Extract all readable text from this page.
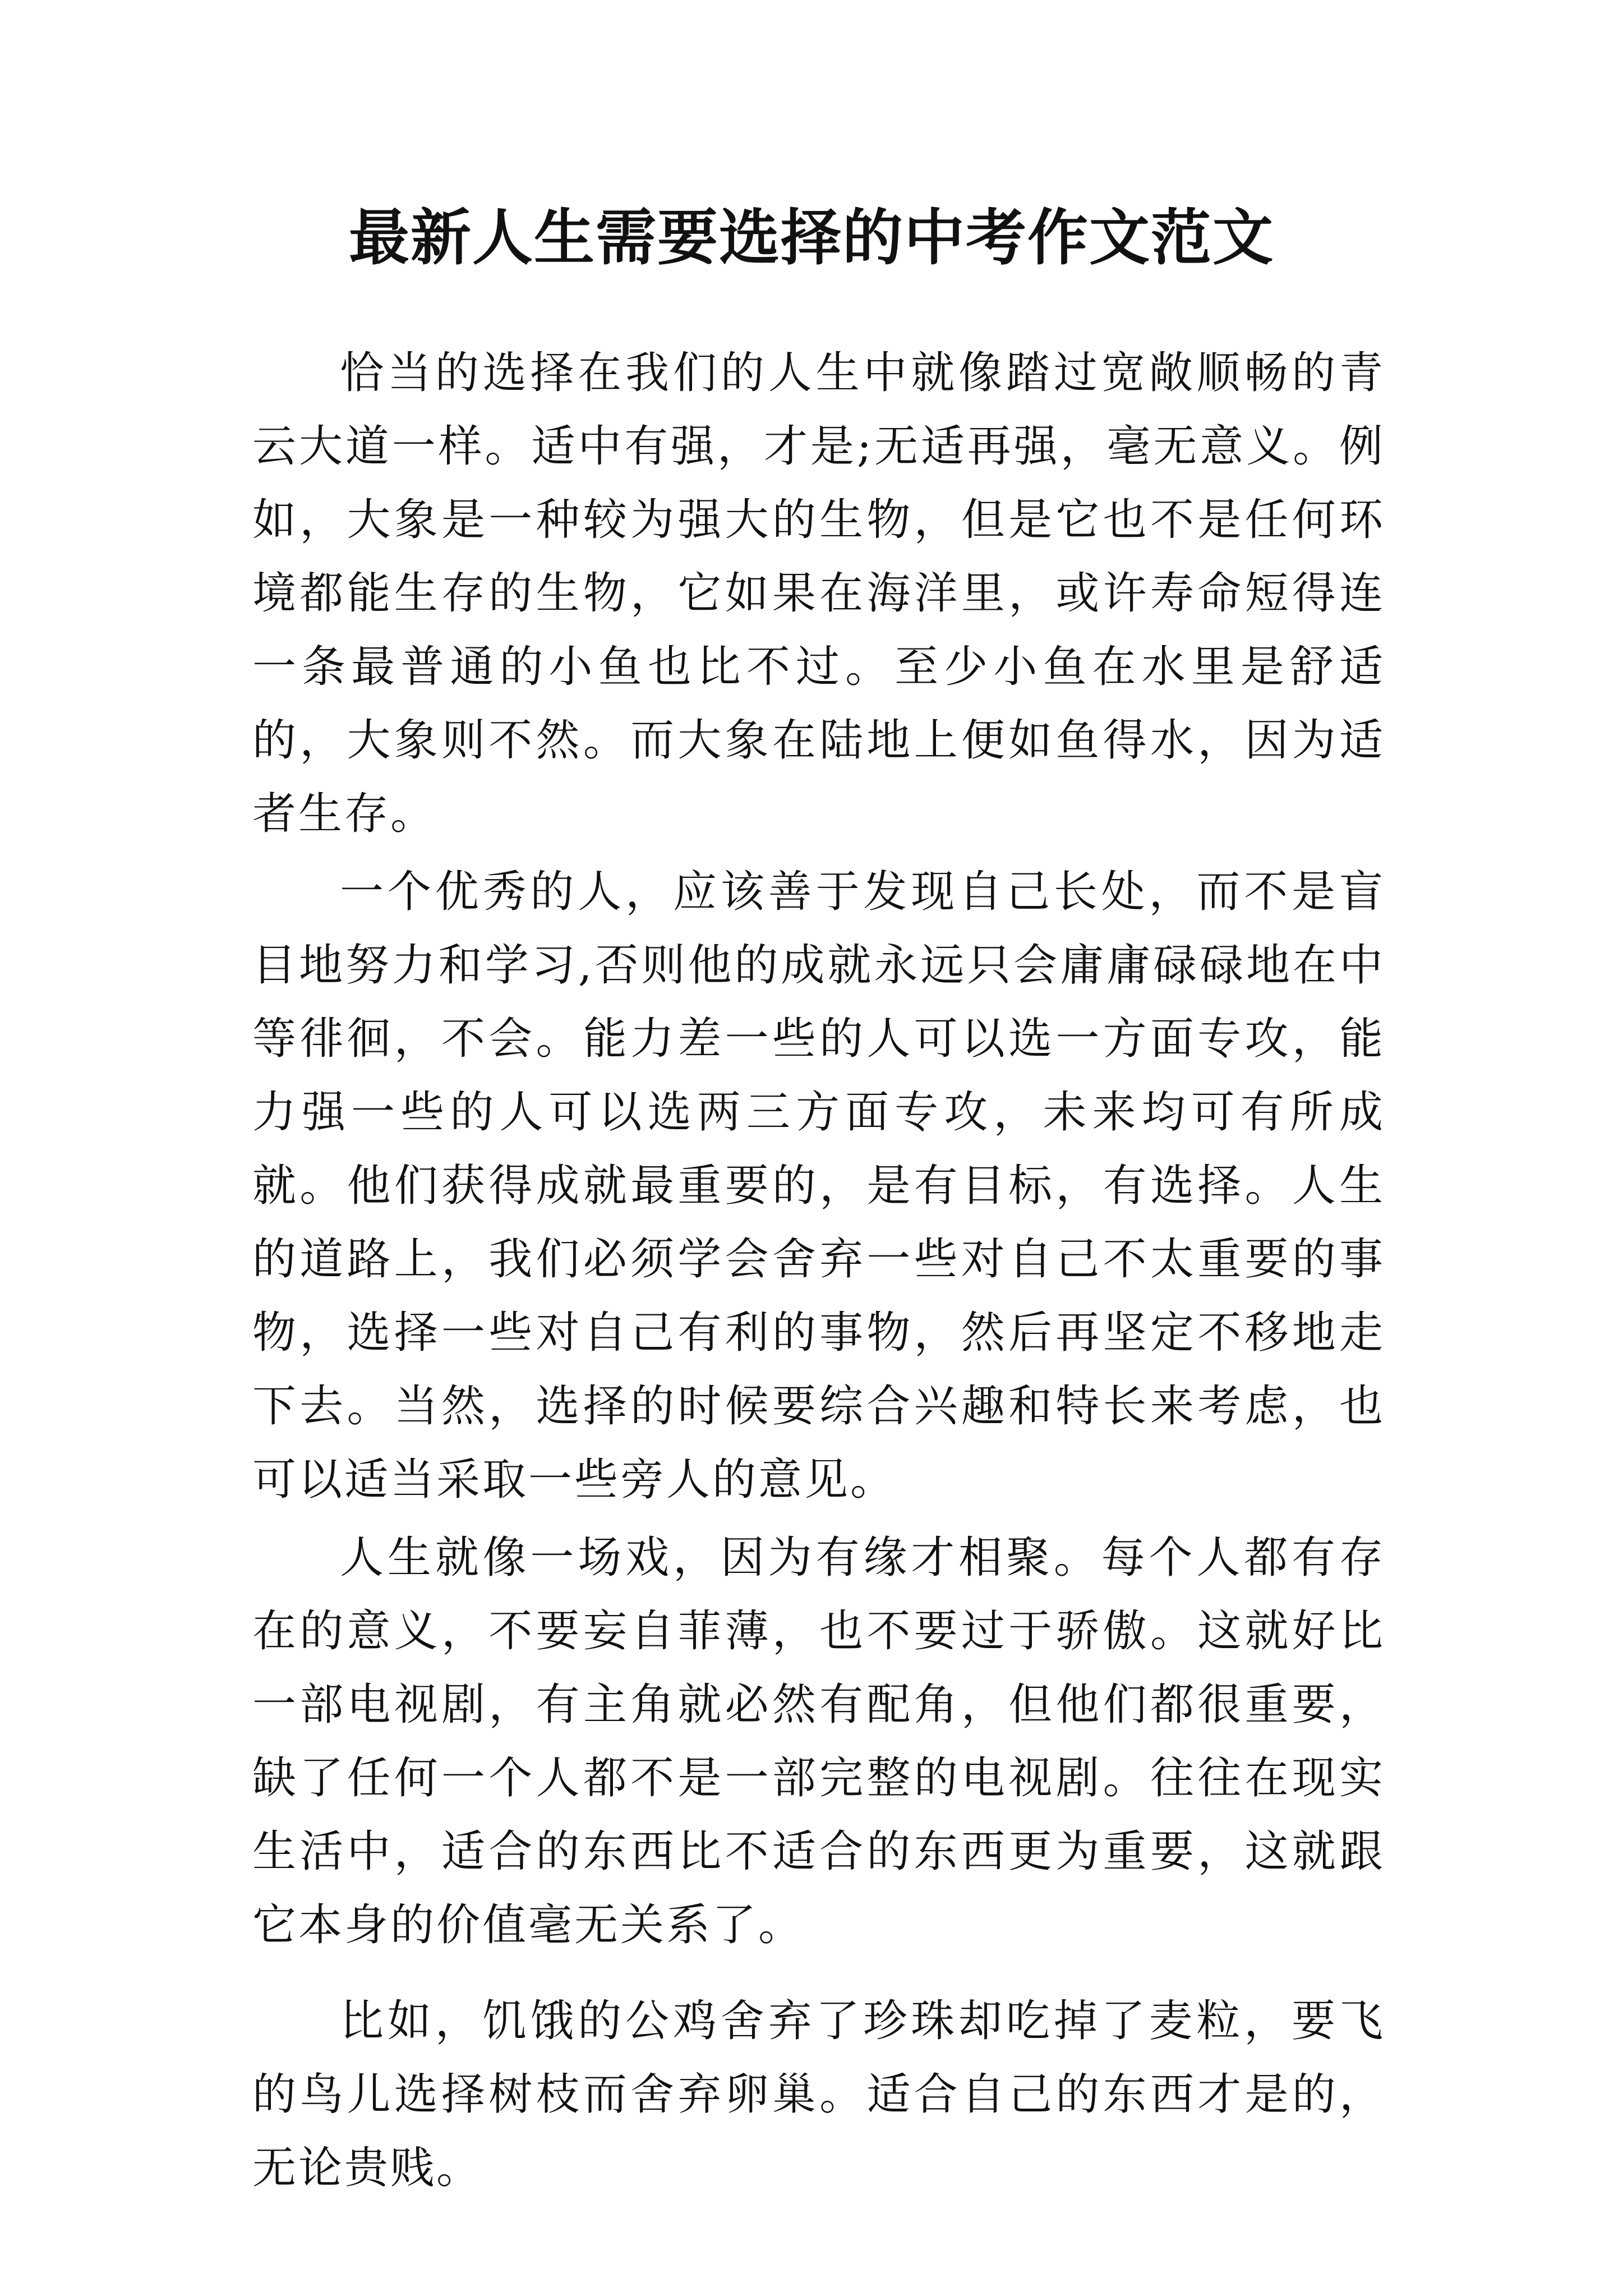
最新人生需要选择的中考作文范文

恰当的选择在我们的人生中就像踏过宽敞顺畅的青云大道一样。适中有强，才是;无适再强，毫无意义。例如，大象是一种较为强大的生物，但是它也不是任何环境都能生存的生物，它如果在海洋里，或许寿命短得连一条最普通的小鱼也比不过。至少小鱼在水里是舒适的，大象则不然。而大象在陆地上便如鱼得水，因为适者生存。

一个优秀的人，应该善于发现自己长处，而不是盲目地努力和学习,否则他的成就永远只会庸庸碌碌地在中等徘徊，不会。能力差一些的人可以选一方面专攻，能力强一些的人可以选两三方面专攻，未来均可有所成就。他们获得成就最重要的，是有目标，有选择。人生的道路上，我们必须学会舍弃一些对自己不太重要的事物，选择一些对自己有利的事物，然后再坚定不移地走下去。当然，选择的时候要综合兴趣和特长来考虑，也可以适当采取一些旁人的意见。

人生就像一场戏，因为有缘才相聚。每个人都有存在的意义，不要妄自菲薄，也不要过于骄傲。这就好比一部电视剧，有主角就必然有配角，但他们都很重要，缺了任何一个人都不是一部完整的电视剧。往往在现实生活中，适合的东西比不适合的东西更为重要，这就跟它本身的价值毫无关系了。

比如，饥饿的公鸡舍弃了珍珠却吃掉了麦粒，要飞的鸟儿选择树枝而舍弃卵巢。适合自己的东西才是的，无论贵贱。
